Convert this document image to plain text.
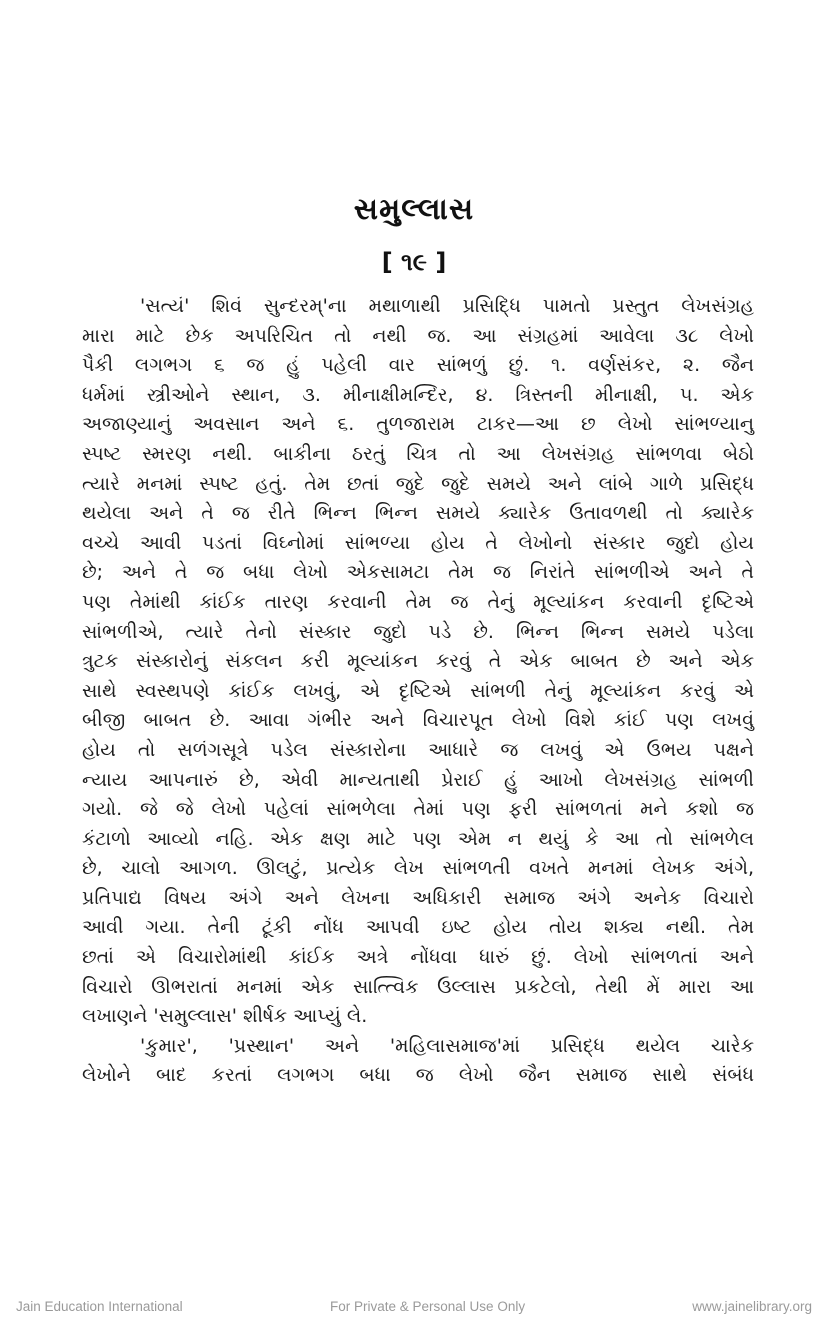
સમુલ્લાસ
[ ૧૯ ]
'સત્યં' શિવં સુન્દરમ્'ના મથાળાથી પ્રસિદ્ધિ પામતો પ્રસ્તુત લેખસંગ્રહ
મારા માટે છેક અપરિચિત તો નથી જ. આ સંગ્રહમાં આવેલા ૩૮ લેખો
પૈકી લગભગ ૬ જ હું પહેલી વાર સાંભળું છું. ૧. વર્ણસંકર, ૨. જૈન
ધર્મમાં સ્ત્રીઓને સ્થાન, ૩. મીનાક્ષીમન્દિર, ૪. ત્રિસ્તની મીનાક્ષી, ૫. એક
અજાણ્યાનું અવસાન અને ૬. તુળજારામ ટાકર—આ છ લેખો સાંભળ્યાનુ
સ્પષ્ટ સ્મરણ નથી. બાકીના ઠરતું ચિત્ર તો આ લેખસંગ્રહ સાંભળવા બેઠો
ત્યારે મનમાં સ્પષ્ટ હતું. તેમ છતાં જુદે જુદે સમયે અને લાંબે ગાળે પ્રસિદ્ધ
થયેલા અને તે જ રીતે ભિન્ન ભિન્ન સમયે ક્યારેક ઉતાવળથી તો ક્યારેક
વચ્ચે આવી પડતાં વિઘ્નોમાં સાંભળ્યા હોય તે લેખોનો સંસ્કાર જુદો હોય
છે; અને તે જ બધા લેખો એકસામટા તેમ જ નિરાંતે સાંભળીએ અને તે
પણ તેમાંથી કાંઈક તારણ કરવાની તેમ જ તેનું મૂલ્યાંકન કરવાની દૃષ્ટિએ
સાંભળીએ, ત્યારે તેનો સંસ્કાર જુદો પડે છે. ભિન્ન ભિન્ન સમયે પડેલા
ત્રુટક સંસ્કારોનું સંકલન કરી મૂલ્યાંકન કરવું તે એક બાબત છે અને એક
સાથે સ્વસ્થપણે કાંઈક લખવું, એ દૃષ્ટિએ સાંભળી તેનું મૂલ્યાંકન કરવું એ
બીજી બાબત છે. આવા ગંભીર અને વિચારપૂત લેખો વિશે કાંઈ પણ લખવું
હોય તો સળંગસૂત્રે પડેલ સંસ્કારોના આધારે જ લખવું એ ઉભય પક્ષને
ન્યાય આપનારું છે, એવી માન્યતાથી પ્રેરાઈ હું આખો લેખસંગ્રહ સાંભળી
ગયો. જે જે લેખો પહેલાં સાંભળેલા તેમાં પણ ફરી સાંભળતાં મને કશો જ
કંટાળો આવ્યો નહિ. એક ક્ષણ માટે પણ એમ ન થયું કે આ તો સાંભળેલ
છે, ચાલો આગળ. ઊલટું, પ્રત્યેક લેખ સાંભળતી વખતે મનમાં લેખક અંગે,
પ્રતિપાદ્ય વિષય અંગે અને લેખના અધિકારી સમાજ અંગે અનેક વિચારો
આવી ગયા. તેની ટૂંકી નોંધ આપવી ઇષ્ટ હોય તોય શક્ય નથી. તેમ
છતાં એ વિચારોમાંથી કાંઈક અત્રે નોંધવા ધારું છું. લેખો સાંભળતાં અને
વિચારો ઊભરાતાં મનમાં એક સાત્ત્વિક ઉલ્લાસ પ્રકટેલો, તેથી મેં મારા આ
લખાણને 'સમુલ્લાસ' શીર્ષક આપ્યું લે.
'કુમાર', 'પ્રસ્થાન' અને 'મહિલાસમાજ'માં પ્રસિદ્ધ થયેલ ચારેક
લેખોને બાદ કરતાં લગભગ બધા જ લેખો જૈન સમાજ સાથે સંબંધ
Jain Education International	For Private & Personal Use Only	www.jainelibrary.org
